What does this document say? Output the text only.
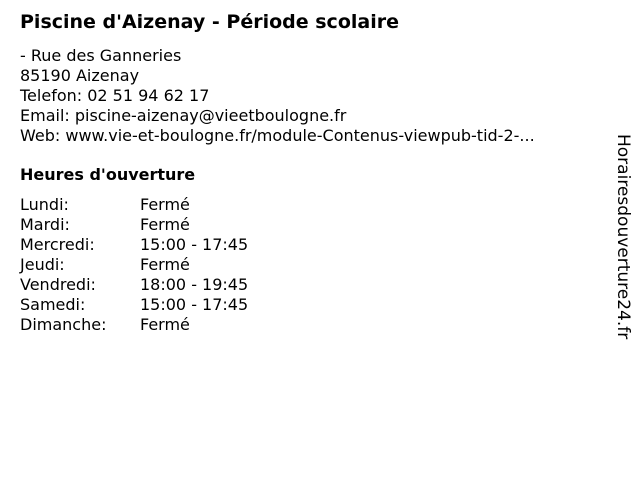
Piscine d'Aizenay - Période scolaire
- Rue des Ganneries
85190 Aizenay
Telefon: 02 51 94 62 17
Email: piscine-aizenay@vieetboulogne.fr
Web: www.vie-et-boulogne.fr/module-Contenus-viewpub-tid-2-...
Heures d'ouverture
Lundi:	Fermé
Mardi:	Fermé
Mercredi:	15:00 - 17:45
Jeudi:	Fermé
Vendredi:	18:00 - 19:45
Samedi:	15:00 - 17:45
Dimanche:	Fermé	Horairesdouverture24.fr
